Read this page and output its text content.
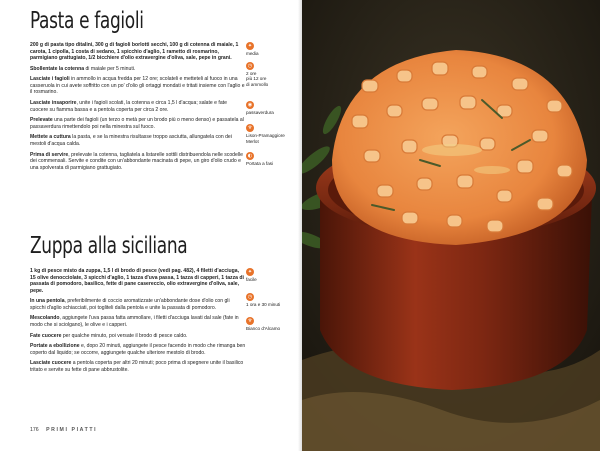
Pasta e fagioli

200 g di pasta tipo ditalini, 300 g di fagioli borlotti secchi, 100 g di cotenna di maiale, 1 carota, 1 cipolla, 1 costa di sedano, 1 spicchio d'aglio, 1 rametto di rosmarino, parmigiano grattugiato, 1/2 bicchiere d'olio extravergine d'oliva, sale, pepe in grani.

Sbollentate la cotenna di maiale per 5 minuti.

Lasciate i fagioli in ammollo in acqua fredda per 12 ore; scolateli e metteteli al fuoco in una casseruola in cui avete soffritto con un po' d'olio gli ortaggi mondati e tritati insieme con l'aglio e il rosmarino.

Lasciate insaporire, unite i fagioli scolati, la cotenna e circa 1,5 l d'acqua; salate e fate cuocere su fiamma bassa e a pentola coperta per circa 2 ore.

Prelevate una parte dei fagioli (un terzo o metà per un brodo più o meno denso) e passatela al passaverdura rimettendolo poi nella minestra sul fuoco.

Mettete a cuttura la pasta, e se la minestra risultasse troppo asciutta, allungatela con dei mestoli d'acqua calda.

Prima di servire, prelevate la cotenna, tagliatela a listarelle sottili distribuendola nelle scodelle dei commensali. Servite e condite con un'abbondante macinata di pepe, un giro d'olio crudo e una spolverata di parmigiano grattugiato.

✦
media
◷
2 ore
più 12 ore
di ammollo
◉
passaverdura
♆
Lison-Pramaggiore
Merlot
◐
Portata a fasi
Zuppa alla siciliana

1 kg di pesce misto da zuppa, 1,5 l di brodo di pesce (vedi pag. 482), 4 filetti d'acciuga, 15 olive denocciolate, 3 spicchi d'aglio, 1 tazza d'uva passa, 1 tazza di capperi, 1 tazza di passata di pomodoro, basilico, fette di pane casereccio, olio extravergine d'oliva, sale, pepe.

In una pentola, preferibilmente di coccio aromatizzate un'abbondante dose d'olio con gli spicchi d'aglio schiacciati, poi togliteli dalla pentola e unite la passata di pomodoro.

Mescolando, aggiungete l'uva passa fatta ammollare, i filetti d'acciuga lavati dal sale (fate in modo che si sciolgano), le olive e i capperi.

Fate cuocere per qualche minuto, poi versate il brodo di pesce caldo.

Portate a ebollizione e, dopo 20 minuti, aggiungete il pesce facendo in modo che rimanga ben coperto dal liquido; se occorre, aggiungete qualche ulteriore mestolo di brodo.

Lasciate cuocere a pentola coperta per altri 20 minuti; poco prima di spegnere unite il basilico tritato e servite su fette di pane abbrustolite.

✦
facile
◷
1 ora e 30 minuti
♆
Bianco d'Alcamo
176 PRIMI PIATTI
